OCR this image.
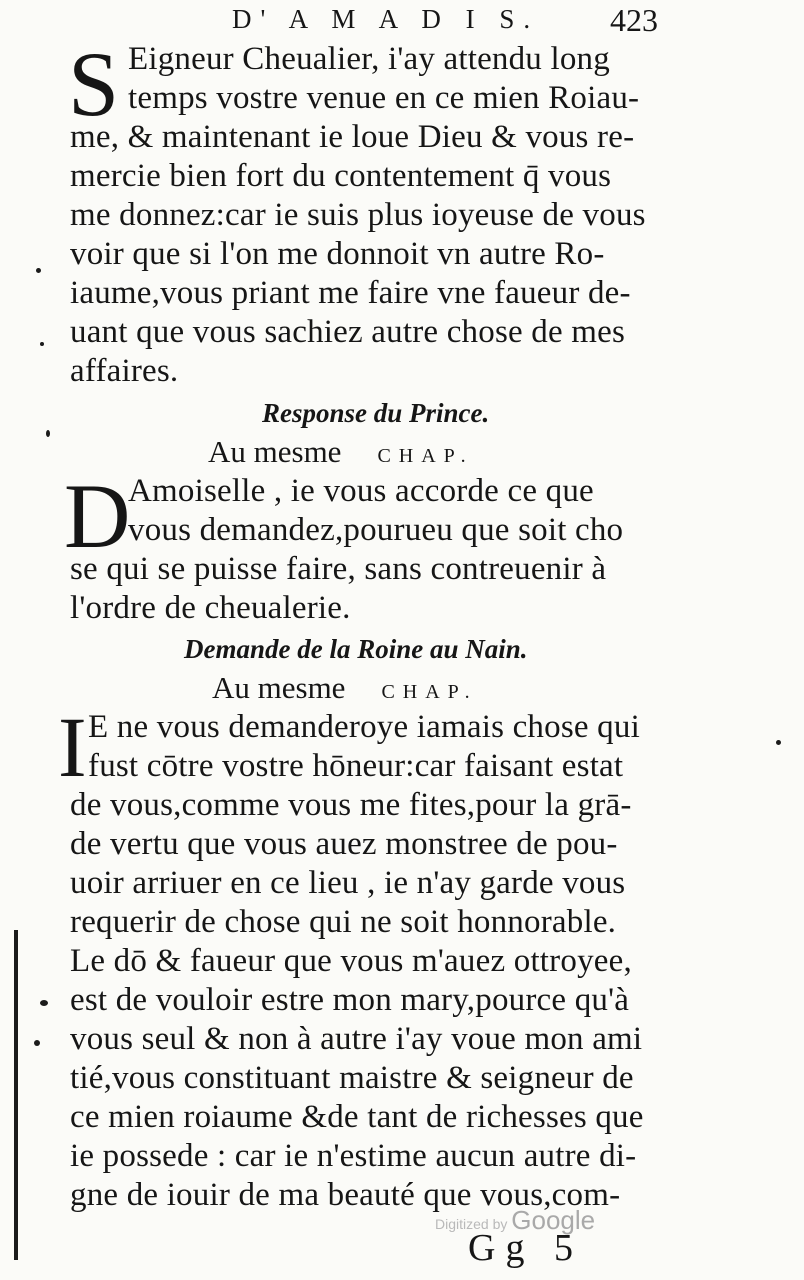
D' A M A D I S. 423
S Eigneur Cheualier, i'ay attendu long
temps vostre venue en ce mien Roiau-
me, & maintenant ie loue Dieu & vous re-
mercie bien fort du contentement q̄ vous
me donnez:car ie suis plus ioyeuse de vous
voir que si l'on me donnoit vn autre Ro-
iaume,vous priant me faire vne faueur de-
uant que vous sachiez autre chose de mes
affaires.
Response du Prince.
Au mesme CHAP.
D
Amoiselle , ie vous accorde ce que
vous demandez,pourueu que soit cho
se qui se puisse faire, sans contreuenir à
l'ordre de cheualerie.
Demande de la Roine au Nain.
Au mesme CHAP.
I E ne vous demanderoye iamais chose qui
fust cōtre vostre hōneur:car faisant estat
de vous,comme vous me fites,pour la grā-
de vertu que vous auez monstree de pou-
uoir arriuer en ce lieu , ie n'ay garde vous
requerir de chose qui ne soit honnorable.
Le dō & faueur que vous m'auez ottroyee,
est de vouloir estre mon mary,pource qu'à
vous seul & non à autre i'ay voue mon ami
tié,vous constituant maistre & seigneur de
ce mien roiaume &de tant de richesses que
ie possede : car ie n'estime aucun autre di-
gne de iouir de ma beauté que vous,com-
Digitized by Google
Gg 5
